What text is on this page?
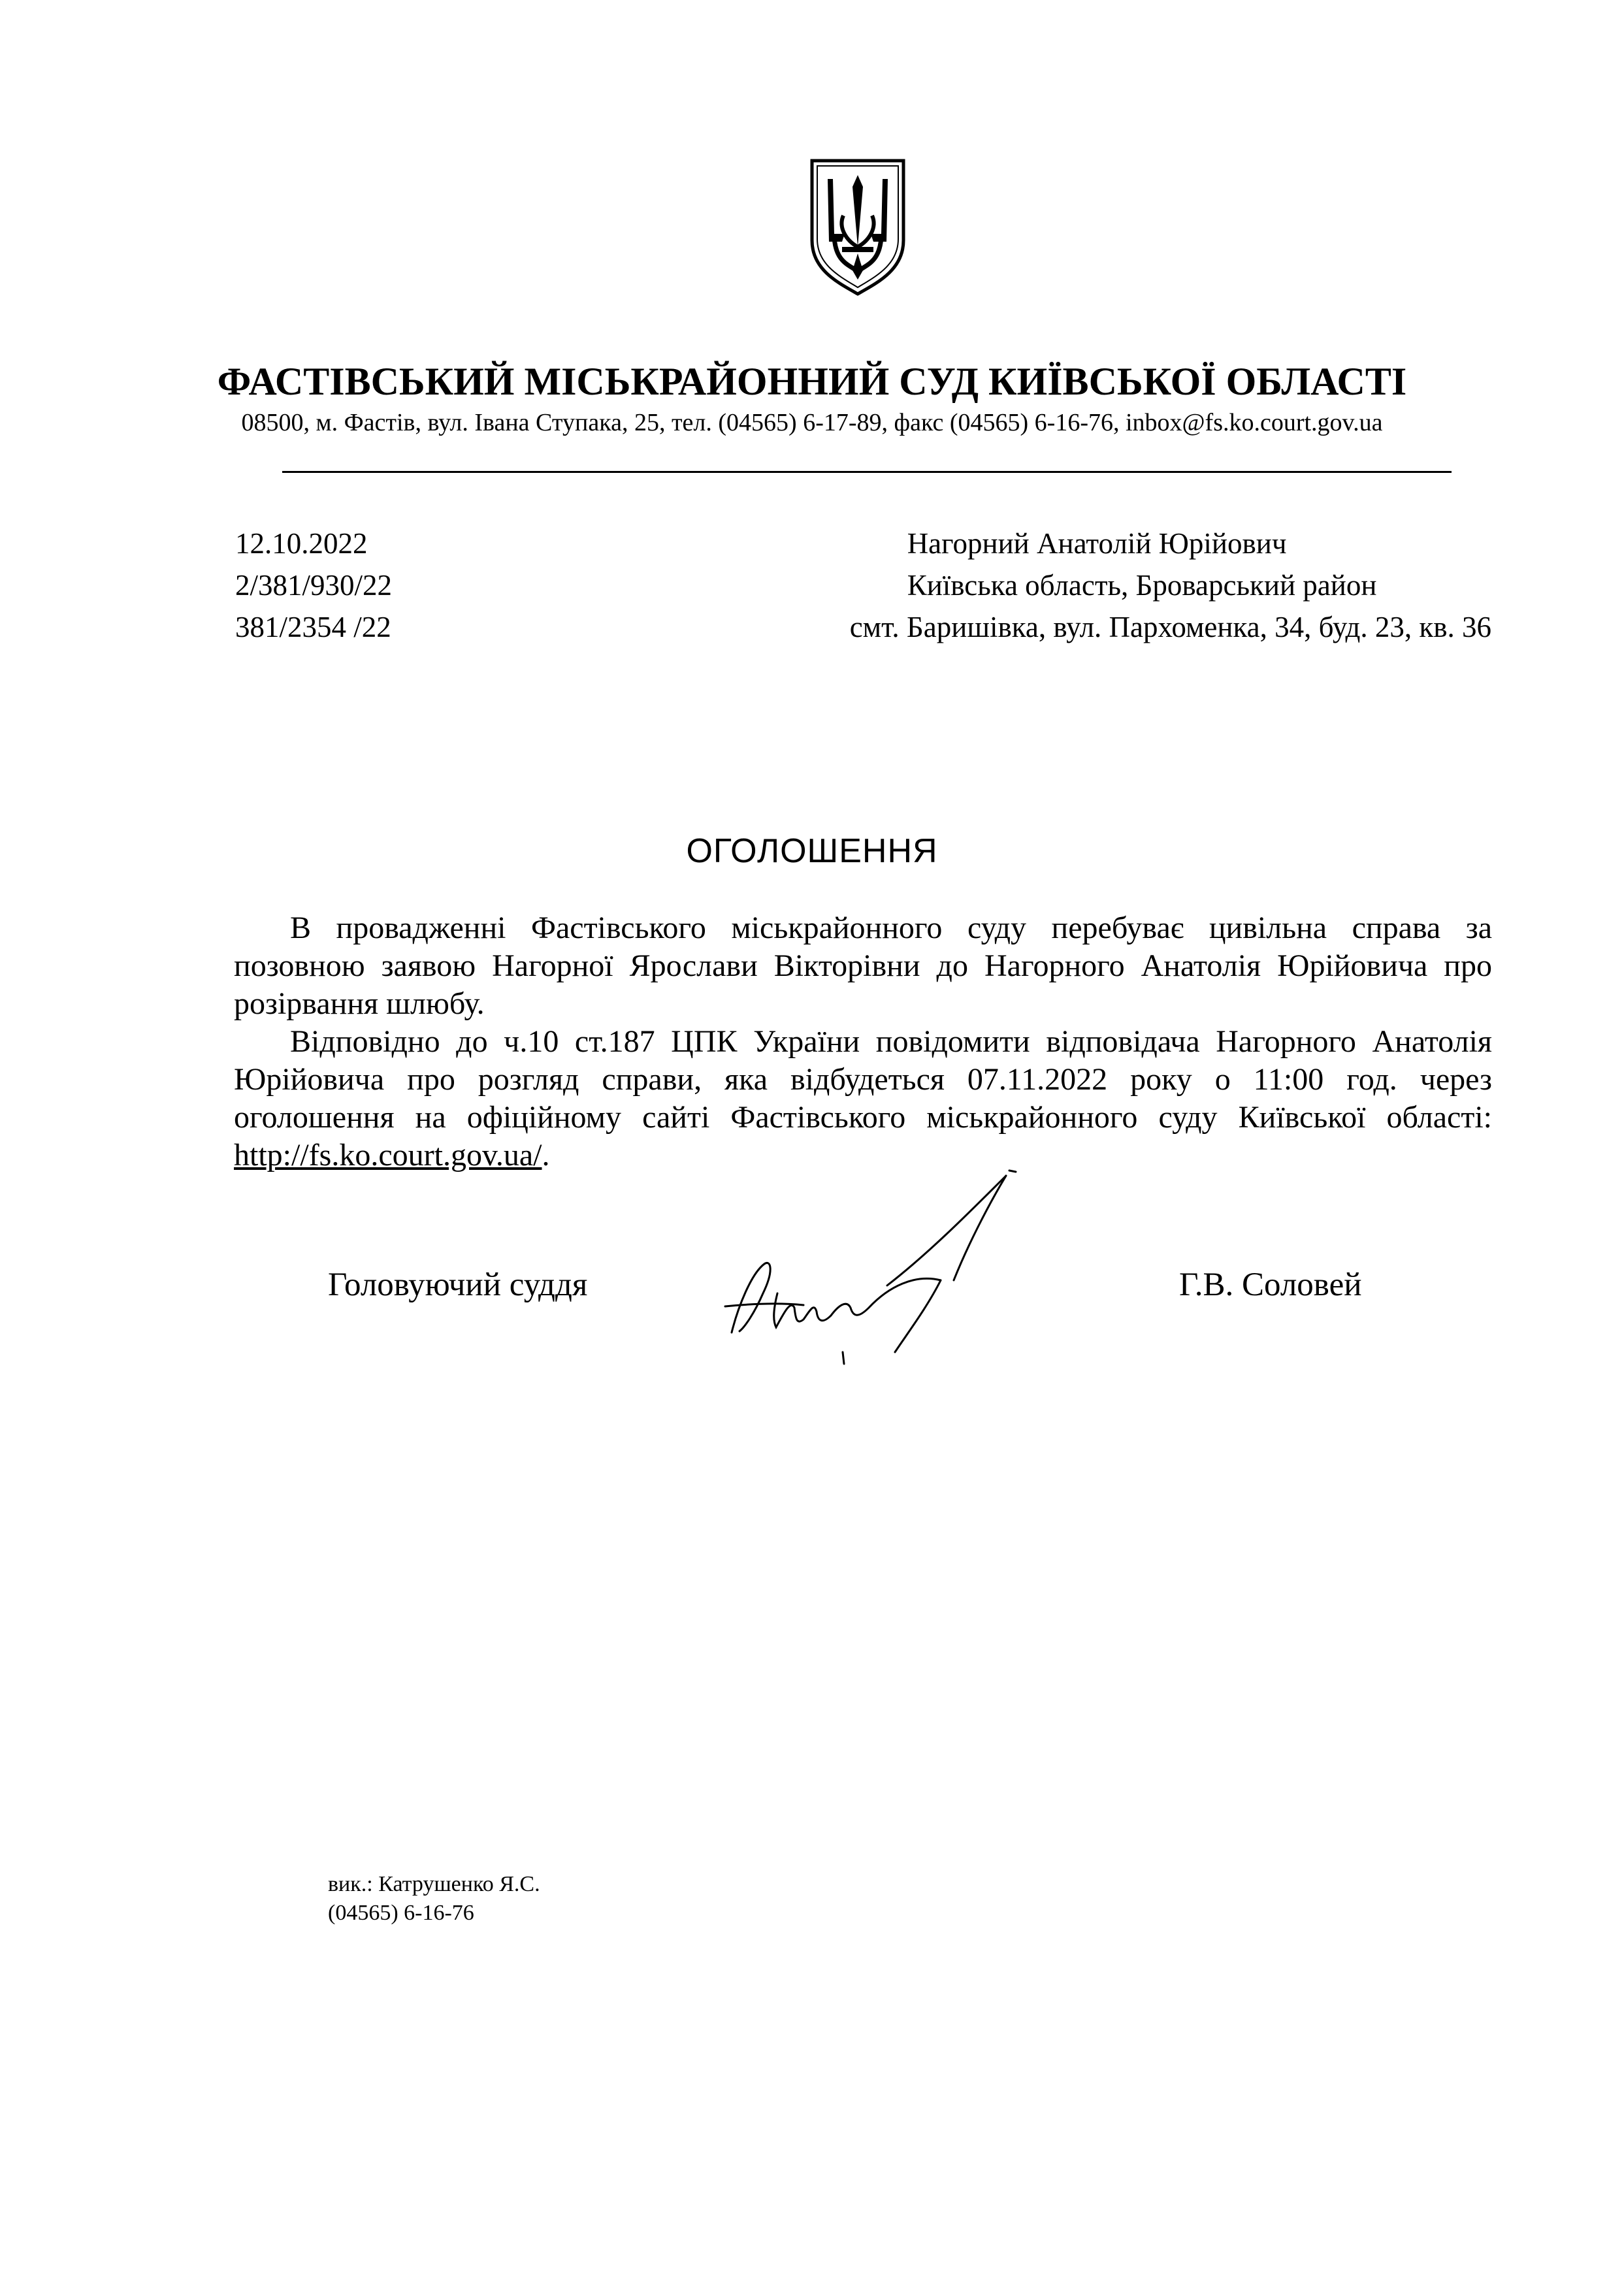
ФАСТІВСЬКИЙ МІСЬКРАЙОННИЙ СУД КИЇВСЬКОЇ ОБЛАСТІ
08500, м. Фастів, вул. Івана Ступака, 25, тел. (04565) 6-17-89, факс (04565) 6-16-76, inbox@fs.ko.court.gov.ua
12.10.2022
2/381/930/22
381/2354 /22
Нагорний Анатолій Юрійович
Київська область, Броварський район
смт. Баришівка, вул. Пархоменка, 34, буд. 23, кв. 36
ОГОЛОШЕННЯ

В провадженні Фастівського міськрайонного суду перебуває цивільна справа за позовною заявою Нагорної Ярослави Вікторівни до Нагорного Анатолія Юрійовича про розірвання шлюбу.

Відповідно до ч.10 ст.187 ЦПК України повідомити відповідача Нагорного Анатолія Юрійовича про розгляд справи, яка відбудеться 07.11.2022 року о 11:00 год. через оголошення на офіційному сайті Фастівського міськрайонного суду Київської області: http://fs.ko.court.gov.ua/.

Головуючий суддя	Г.В. Соловей
вик.: Катрушенко Я.С.
(04565) 6-16-76
